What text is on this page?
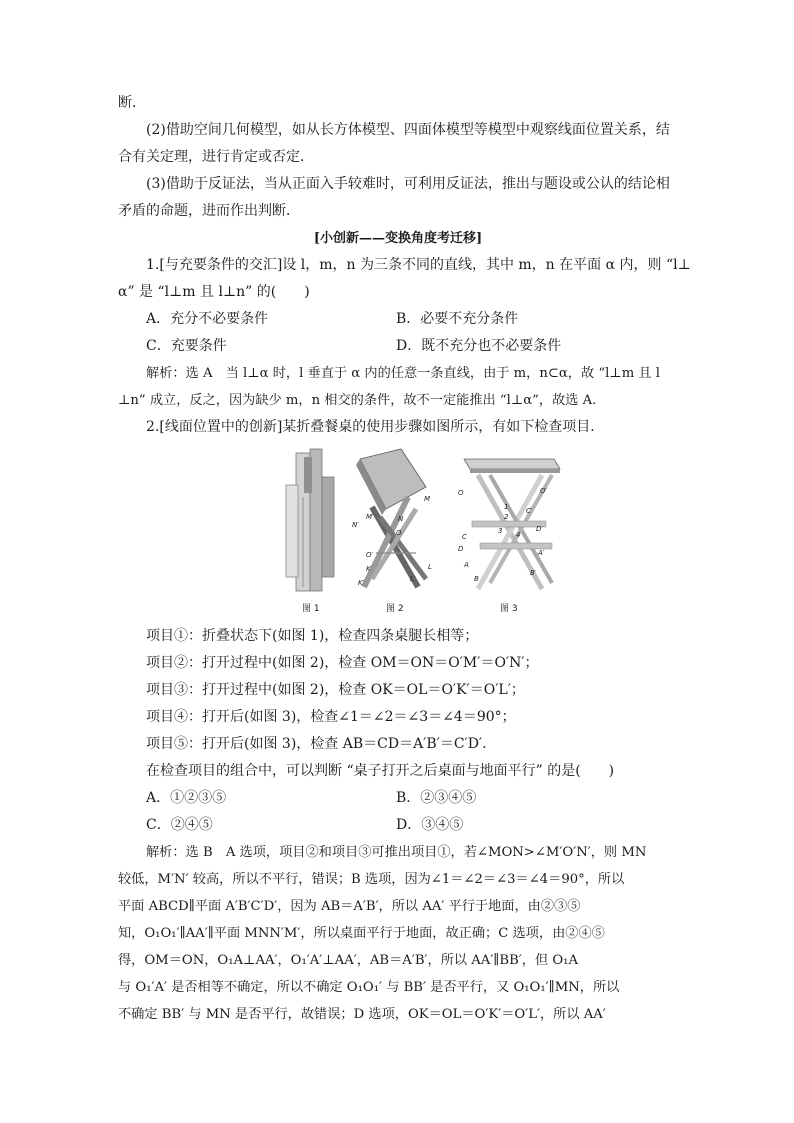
断．
(2)借助空间几何模型，如从长方体模型、四面体模型等模型中观察线面位置关系，结
合有关定理，进行肯定或否定．
(3)借助于反证法，当从正面入手较难时，可利用反证法，推出与题设或公认的结论相
矛盾的命题，进而作出判断．
[小创新——变换角度考迁移]
1.[与充要条件的交汇]设 l，m，n 为三条不同的直线，其中 m，n 在平面 α 内，则 “l⊥
α” 是 “l⊥m 且 l⊥n” 的(　　)
A．充分不必要条件	B．必要不充分条件
C．充要条件	D．既不充分也不必要条件
解析：选 A　当 l⊥α 时，l 垂直于 α 内的任意一条直线，由于 m，n⊂α，故 “l⊥m 且 l
⊥n” 成立，反之，因为缺少 m，n 相交的条件，故不一定能推出 “l⊥α”，故选 A.
2.[线面位置中的创新]某折叠餐桌的使用步骤如图所示，有如下检查项目．
M
N′
M′
O
N
O′
K	L
K′	L′
O	O′
C′
C
1
2
3 4
D′
D
A
A′
B
B′
图 1	图 2	图 3
项目①：折叠状态下(如图 1)，检查四条桌腿长相等；
项目②：打开过程中(如图 2)，检查 OM＝ON＝O′M′＝O′N′；
项目③：打开过程中(如图 2)，检查 OK＝OL＝O′K′＝O′L′；
项目④：打开后(如图 3)，检查∠1＝∠2＝∠3＝∠4＝90°；
项目⑤：打开后(如图 3)，检查 AB＝CD＝A′B′＝C′D′．
在检查项目的组合中，可以判断 “桌子打开之后桌面与地面平行” 的是(　　)
A．①②③⑤	B．②③④⑤
C．②④⑤	D．③④⑤
解析：选 B　A 选项，项目②和项目③可推出项目①，若∠MON>∠M′O′N′，则 MN
较低，M′N′ 较高，所以不平行，错误；B 选项，因为∠1＝∠2＝∠3＝∠4＝90°，所以
平面 ABCD∥平面 A′B′C′D′，因为 AB＝A′B′，所以 AA′ 平行于地面，由②③⑤
知，O₁O₁′∥AA′∥平面 MNN′M′，所以桌面平行于地面，故正确；C 选项，由②④⑤
得，OM＝ON，O₁A⊥AA′，O₁′A′⊥AA′，AB＝A′B′，所以 AA′∥BB′，但 O₁A
与 O₁′A′ 是否相等不确定，所以不确定 O₁O₁′ 与 BB′ 是否平行，又 O₁O₁′∥MN，所以
不确定 BB′ 与 MN 是否平行，故错误；D 选项，OK＝OL＝O′K′＝O′L′，所以 AA′
